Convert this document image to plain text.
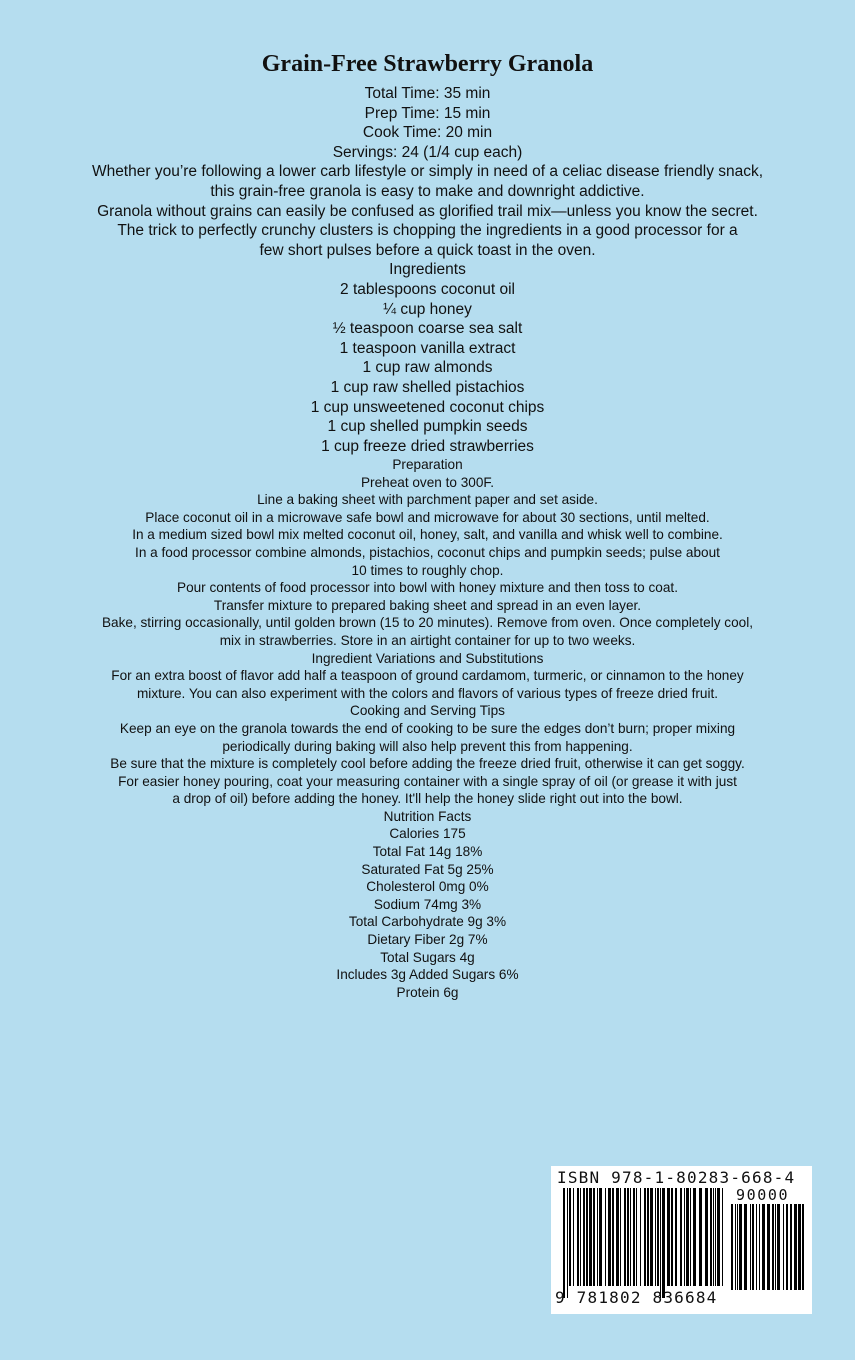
Grain-Free Strawberry Granola
Total Time: 35 min
Prep Time: 15 min
Cook Time: 20 min
Servings: 24 (1/4 cup each)
Whether you’re following a lower carb lifestyle or simply in need of a celiac disease friendly snack,
this grain-free granola is easy to make and downright addictive.
Granola without grains can easily be confused as glorified trail mix—unless you know the secret.
The trick to perfectly crunchy clusters is chopping the ingredients in a good processor for a
few short pulses before a quick toast in the oven.
Ingredients
2 tablespoons coconut oil
¼ cup honey
½ teaspoon coarse sea salt
1 teaspoon vanilla extract
1 cup raw almonds
1 cup raw shelled pistachios
1 cup unsweetened coconut chips
1 cup shelled pumpkin seeds
1 cup freeze dried strawberries
Preparation
Preheat oven to 300F.
Line a baking sheet with parchment paper and set aside.
Place coconut oil in a microwave safe bowl and microwave for about 30 sections, until melted.
In a medium sized bowl mix melted coconut oil, honey, salt, and vanilla and whisk well to combine.
In a food processor combine almonds, pistachios, coconut chips and pumpkin seeds; pulse about
10 times to roughly chop.
Pour contents of food processor into bowl with honey mixture and then toss to coat.
Transfer mixture to prepared baking sheet and spread in an even layer.
Bake, stirring occasionally, until golden brown (15 to 20 minutes). Remove from oven. Once completely cool,
mix in strawberries. Store in an airtight container for up to two weeks.
Ingredient Variations and Substitutions
For an extra boost of flavor add half a teaspoon of ground cardamom, turmeric, or cinnamon to the honey
mixture. You can also experiment with the colors and flavors of various types of freeze dried fruit.
Cooking and Serving Tips
Keep an eye on the granola towards the end of cooking to be sure the edges don’t burn; proper mixing
periodically during baking will also help prevent this from happening.
Be sure that the mixture is completely cool before adding the freeze dried fruit, otherwise it can get soggy.
For easier honey pouring, coat your measuring container with a single spray of oil (or grease it with just
a drop of oil) before adding the honey. It'll help the honey slide right out into the bowl.
Nutrition Facts
Calories 175
Total Fat 14g 18%
Saturated Fat 5g 25%
Cholesterol 0mg 0%
Sodium 74mg 3%
Total Carbohydrate 9g 3%
Dietary Fiber 2g 7%
Total Sugars 4g
Includes 3g Added Sugars 6%
Protein 6g
ISBN 978-1-80283-668-4
90000
9 781802 836684
